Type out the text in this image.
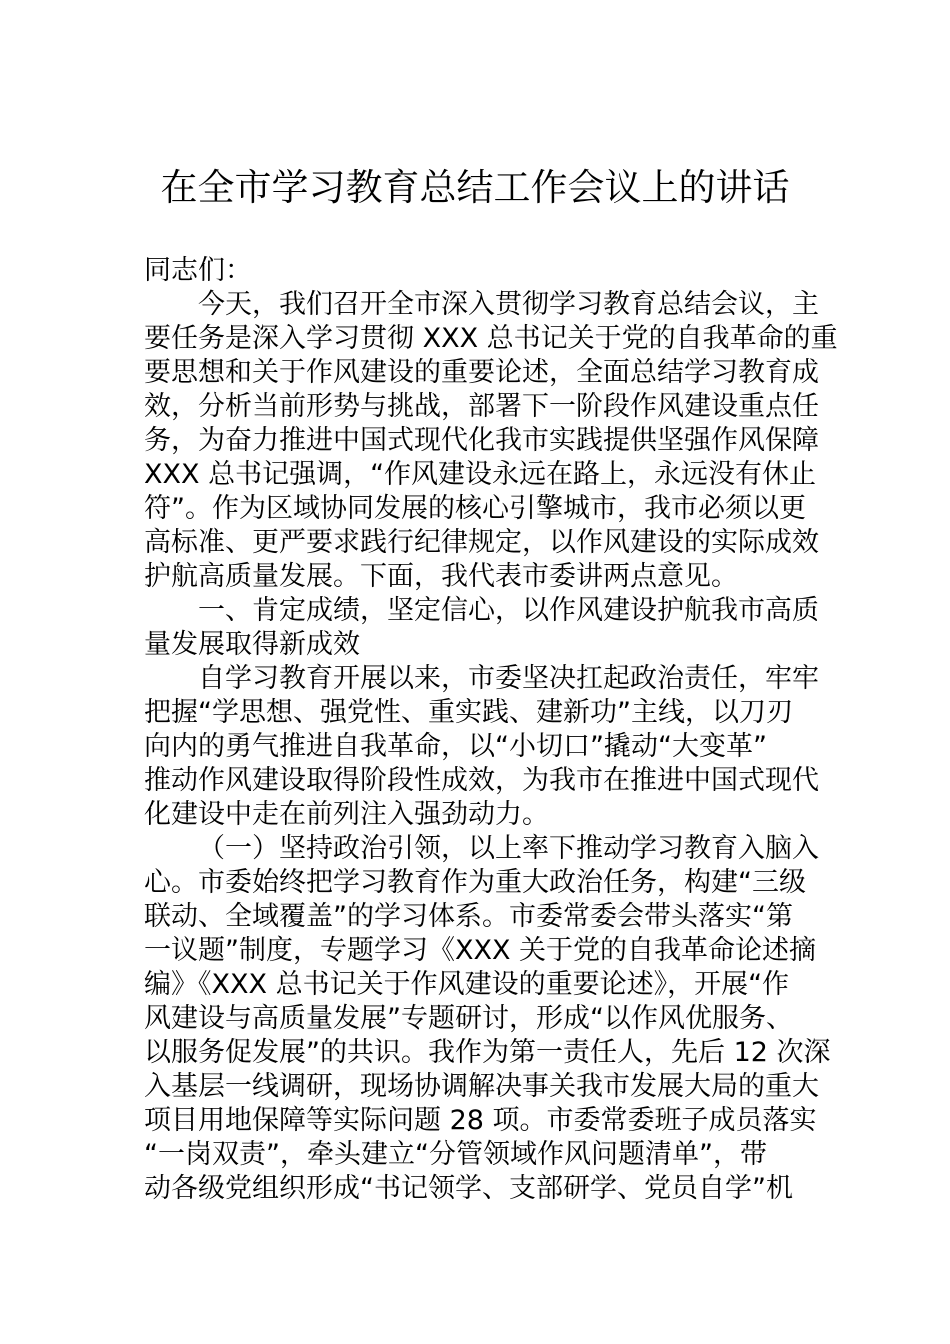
在全市学习教育总结工作会议上的讲话
同志们：
今天，我们召开全市深入贯彻学习教育总结会议，主
要任务是深入学习贯彻 XXX 总书记关于党的自我革命的重
要思想和关于作风建设的重要论述，全面总结学习教育成
效，分析当前形势与挑战，部署下一阶段作风建设重点任
务，为奋力推进中国式现代化我市实践提供坚强作风保障
XXX 总书记强调，“作风建设永远在路上，永远没有休止
符”。作为区域协同发展的核心引擎城市，我市必须以更
高标准、更严要求践行纪律规定，以作风建设的实际成效
护航高质量发展。下面，我代表市委讲两点意见。
一、肯定成绩，坚定信心，以作风建设护航我市高质
量发展取得新成效
自学习教育开展以来，市委坚决扛起政治责任，牢牢
把握“学思想、强党性、重实践、建新功”主线，以刀刃
向内的勇气推进自我革命，以“小切口”撬动“大变革”
推动作风建设取得阶段性成效，为我市在推进中国式现代
化建设中走在前列注入强劲动力。
（一）坚持政治引领，以上率下推动学习教育入脑入
心。市委始终把学习教育作为重大政治任务，构建“三级
联动、全域覆盖”的学习体系。市委常委会带头落实“第
一议题”制度，专题学习《XXX 关于党的自我革命论述摘
编》《XXX 总书记关于作风建设的重要论述》，开展“作
风建设与高质量发展”专题研讨，形成“以作风优服务、
以服务促发展”的共识。我作为第一责任人，先后 12 次深
入基层一线调研，现场协调解决事关我市发展大局的重大
项目用地保障等实际问题 28 项。市委常委班子成员落实
“一岗双责”，牵头建立“分管领域作风问题清单”，带
动各级党组织形成“书记领学、支部研学、党员自学”机
